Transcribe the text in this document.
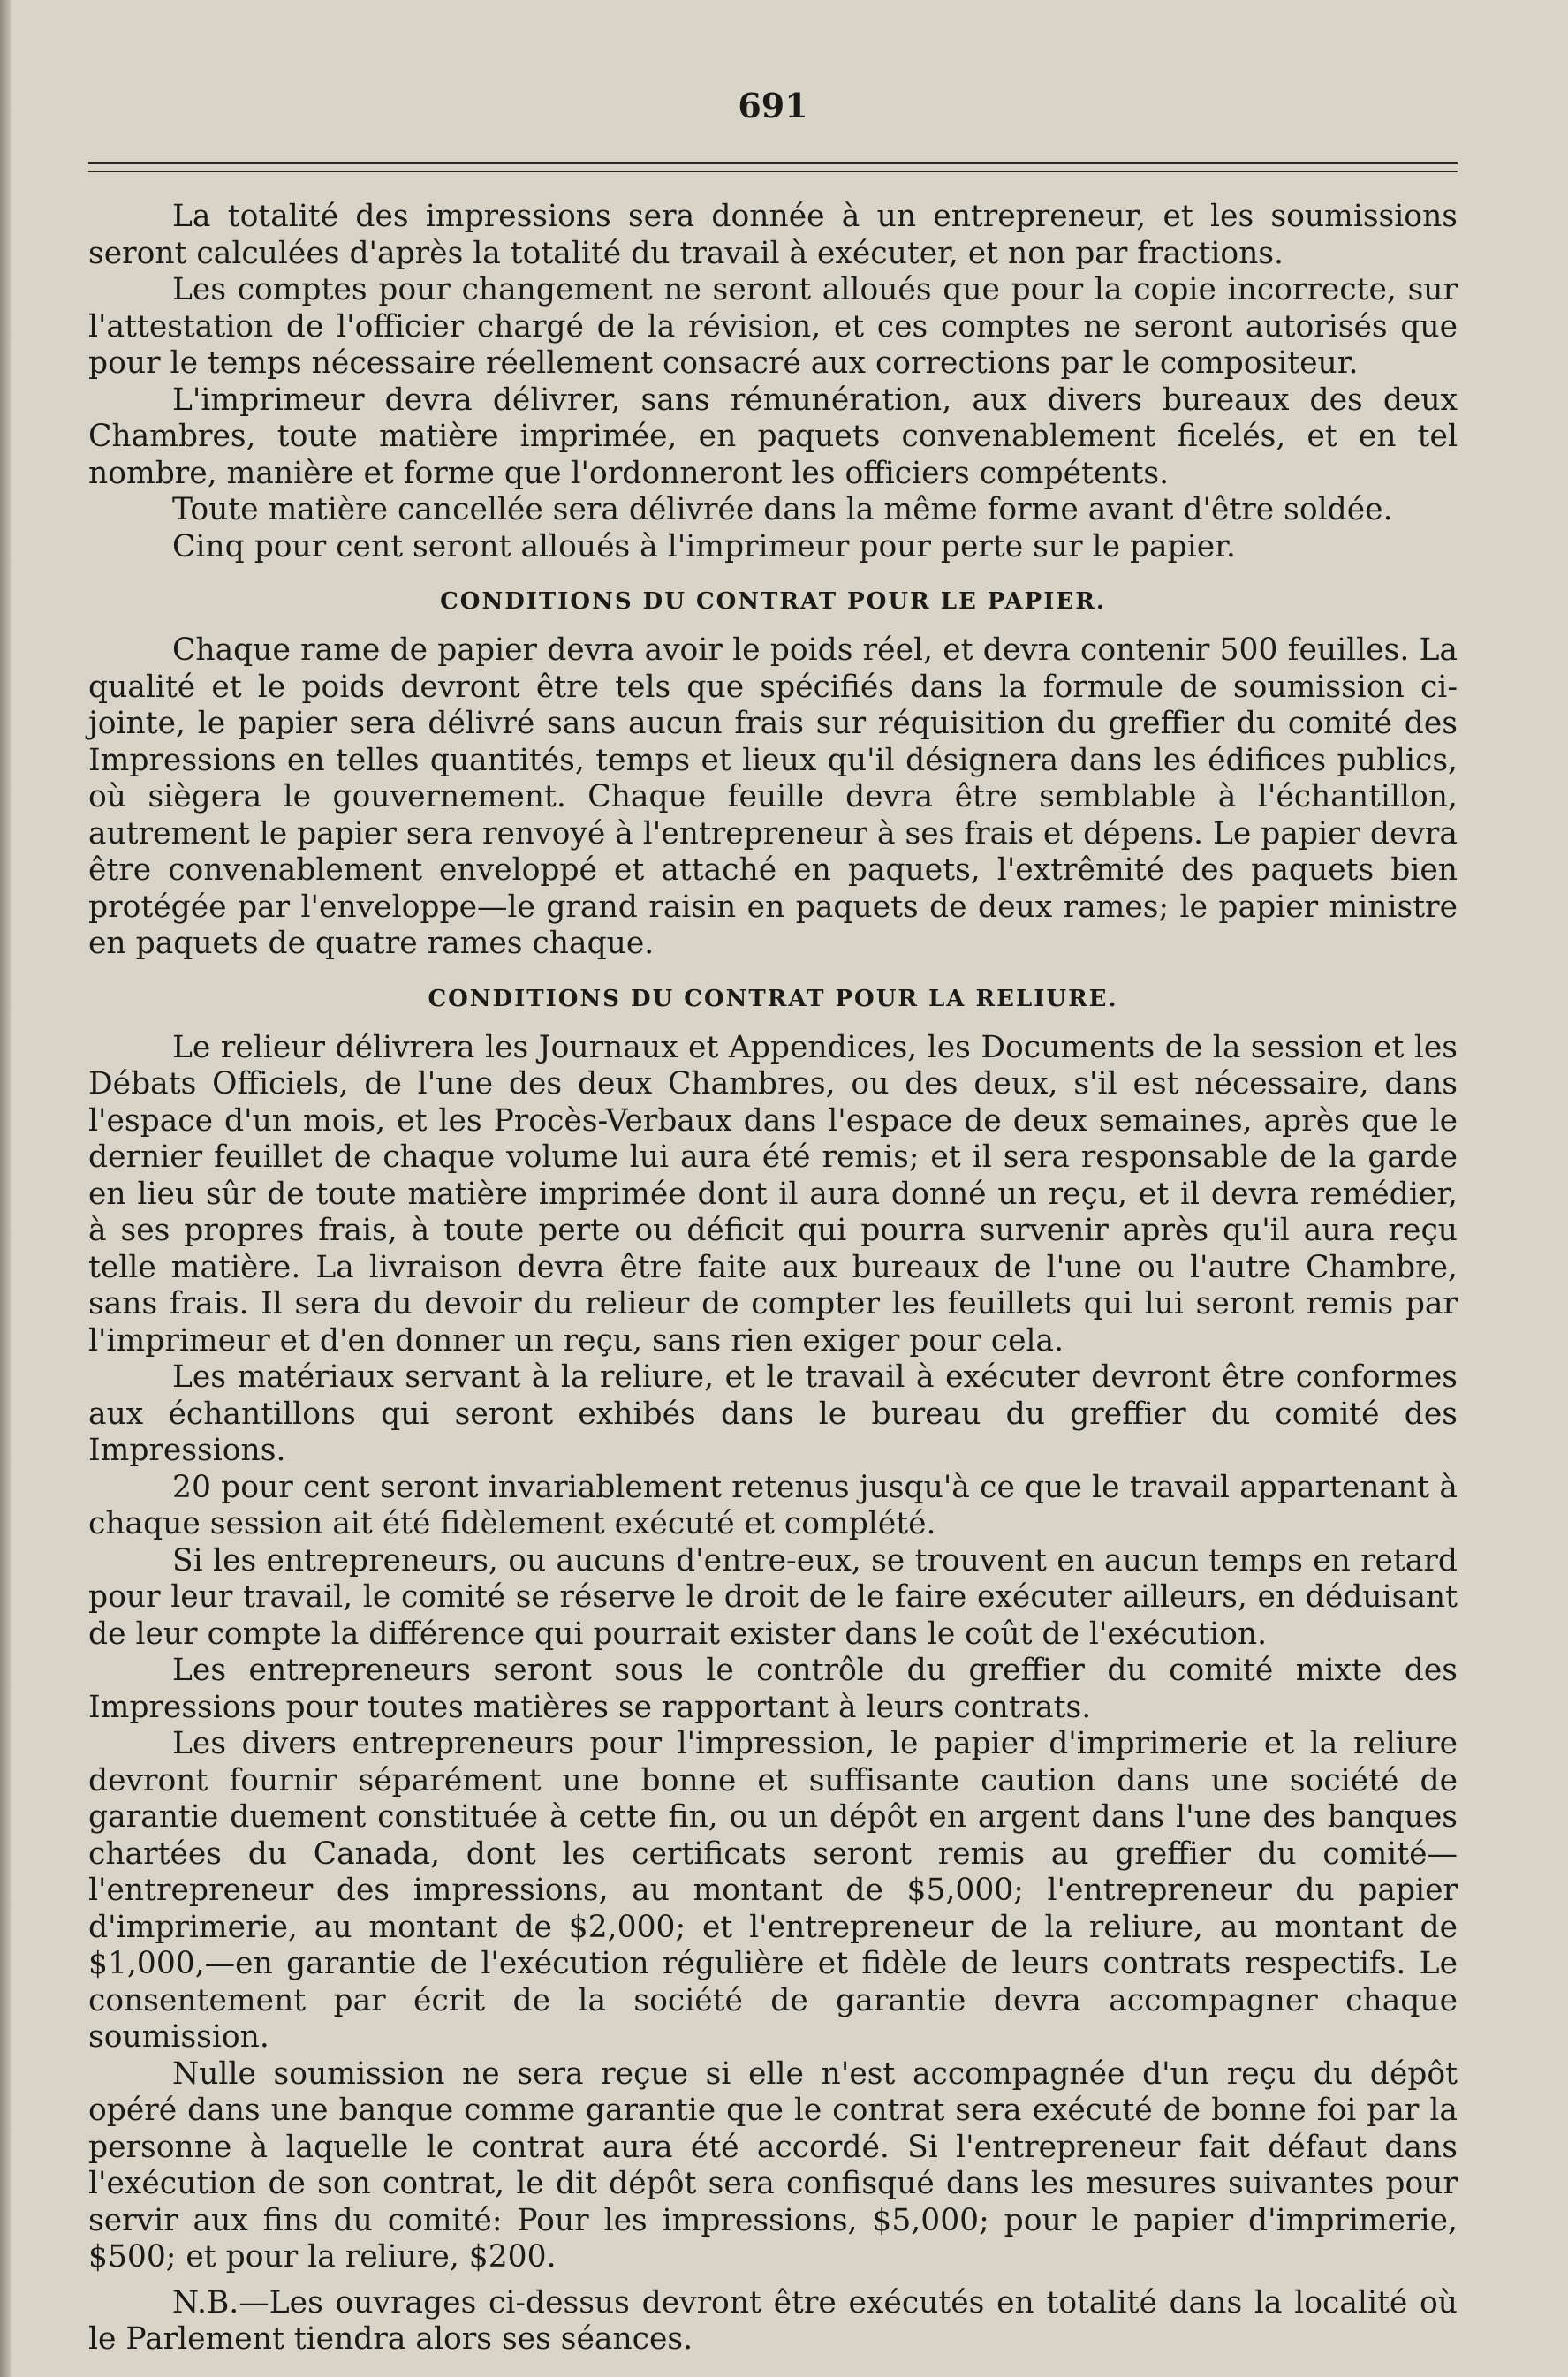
691

La totalité des impressions sera donnée à un entrepreneur, et les soumissions seront calculées d'après la totalité du travail à exécuter, et non par fractions.

Les comptes pour changement ne seront alloués que pour la copie incorrecte, sur l'attestation de l'officier chargé de la révision, et ces comptes ne seront autorisés que pour le temps nécessaire réellement consacré aux corrections par le compositeur.

L'imprimeur devra délivrer, sans rémunération, aux divers bureaux des deux Chambres, toute matière imprimée, en paquets convenablement ficelés, et en tel nombre, manière et forme que l'ordonneront les officiers compétents.

Toute matière cancellée sera délivrée dans la même forme avant d'être soldée.

Cinq pour cent seront alloués à l'imprimeur pour perte sur le papier.

CONDITIONS DU CONTRAT POUR LE PAPIER.

Chaque rame de papier devra avoir le poids réel, et devra contenir 500 feuilles. La qualité et le poids devront être tels que spécifiés dans la formule de soumission ci-jointe, le papier sera délivré sans aucun frais sur réquisition du greffier du comité des Impressions en telles quantités, temps et lieux qu'il désignera dans les édifices publics, où siègera le gouvernement. Chaque feuille devra être semblable à l'échantillon, autrement le papier sera renvoyé à l'entrepreneur à ses frais et dépens. Le papier devra être convenablement enveloppé et attaché en paquets, l'extrêmité des paquets bien protégée par l'enveloppe—le grand raisin en paquets de deux rames; le papier ministre en paquets de quatre rames chaque.

CONDITIONS DU CONTRAT POUR LA RELIURE.

Le relieur délivrera les Journaux et Appendices, les Documents de la session et les Débats Officiels, de l'une des deux Chambres, ou des deux, s'il est nécessaire, dans l'espace d'un mois, et les Procès-Verbaux dans l'espace de deux semaines, après que le dernier feuillet de chaque volume lui aura été remis; et il sera responsable de la garde en lieu sûr de toute matière imprimée dont il aura donné un reçu, et il devra remédier, à ses propres frais, à toute perte ou déficit qui pourra survenir après qu'il aura reçu telle matière. La livraison devra être faite aux bureaux de l'une ou l'autre Chambre, sans frais. Il sera du devoir du relieur de compter les feuillets qui lui seront remis par l'imprimeur et d'en donner un reçu, sans rien exiger pour cela.

Les matériaux servant à la reliure, et le travail à exécuter devront être conformes aux échantillons qui seront exhibés dans le bureau du greffier du comité des Impressions.

20 pour cent seront invariablement retenus jusqu'à ce que le travail appartenant à chaque session ait été fidèlement exécuté et complété.

Si les entrepreneurs, ou aucuns d'entre-eux, se trouvent en aucun temps en retard pour leur travail, le comité se réserve le droit de le faire exécuter ailleurs, en déduisant de leur compte la différence qui pourrait exister dans le coût de l'exécution.

Les entrepreneurs seront sous le contrôle du greffier du comité mixte des Impressions pour toutes matières se rapportant à leurs contrats.

Les divers entrepreneurs pour l'impression, le papier d'imprimerie et la reliure devront fournir séparément une bonne et suffisante caution dans une société de garantie duement constituée à cette fin, ou un dépôt en argent dans l'une des banques chartées du Canada, dont les certificats seront remis au greffier du comité—l'entrepreneur des impressions, au montant de $5,000; l'entrepreneur du papier d'imprimerie, au montant de $2,000; et l'entrepreneur de la reliure, au montant de $1,000,—en garantie de l'exécution régulière et fidèle de leurs contrats respectifs. Le consentement par écrit de la société de garantie devra accompagner chaque soumission.

Nulle soumission ne sera reçue si elle n'est accompagnée d'un reçu du dépôt opéré dans une banque comme garantie que le contrat sera exécuté de bonne foi par la personne à laquelle le contrat aura été accordé. Si l'entrepreneur fait défaut dans l'exécution de son contrat, le dit dépôt sera confisqué dans les mesures suivantes pour servir aux fins du comité: Pour les impressions, $5,000; pour le papier d'imprimerie, $500; et pour la reliure, $200.

N.B.—Les ouvrages ci-dessus devront être exécutés en totalité dans la localité où le Parlement tiendra alors ses séances.
